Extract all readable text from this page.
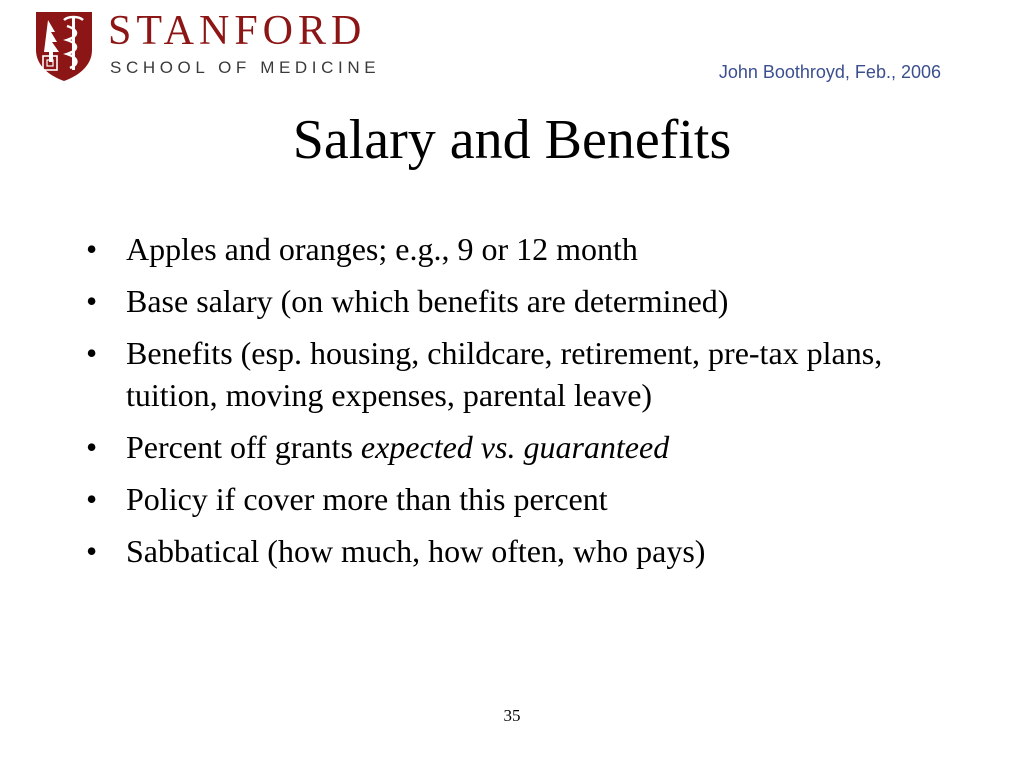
STANFORD
SCHOOL OF MEDICINE	John Boothroyd, Feb., 2006
Salary and Benefits
• Apples and oranges; e.g., 9 or 12 month
• Base salary (on which benefits are determined)
• Benefits (esp. housing, childcare, retirement, pre-tax plans, tuition, moving expenses, parental leave)
• Percent off grants expected vs. guaranteed
• Policy if cover more than this percent
• Sabbatical (how much, how often, who pays)
35
